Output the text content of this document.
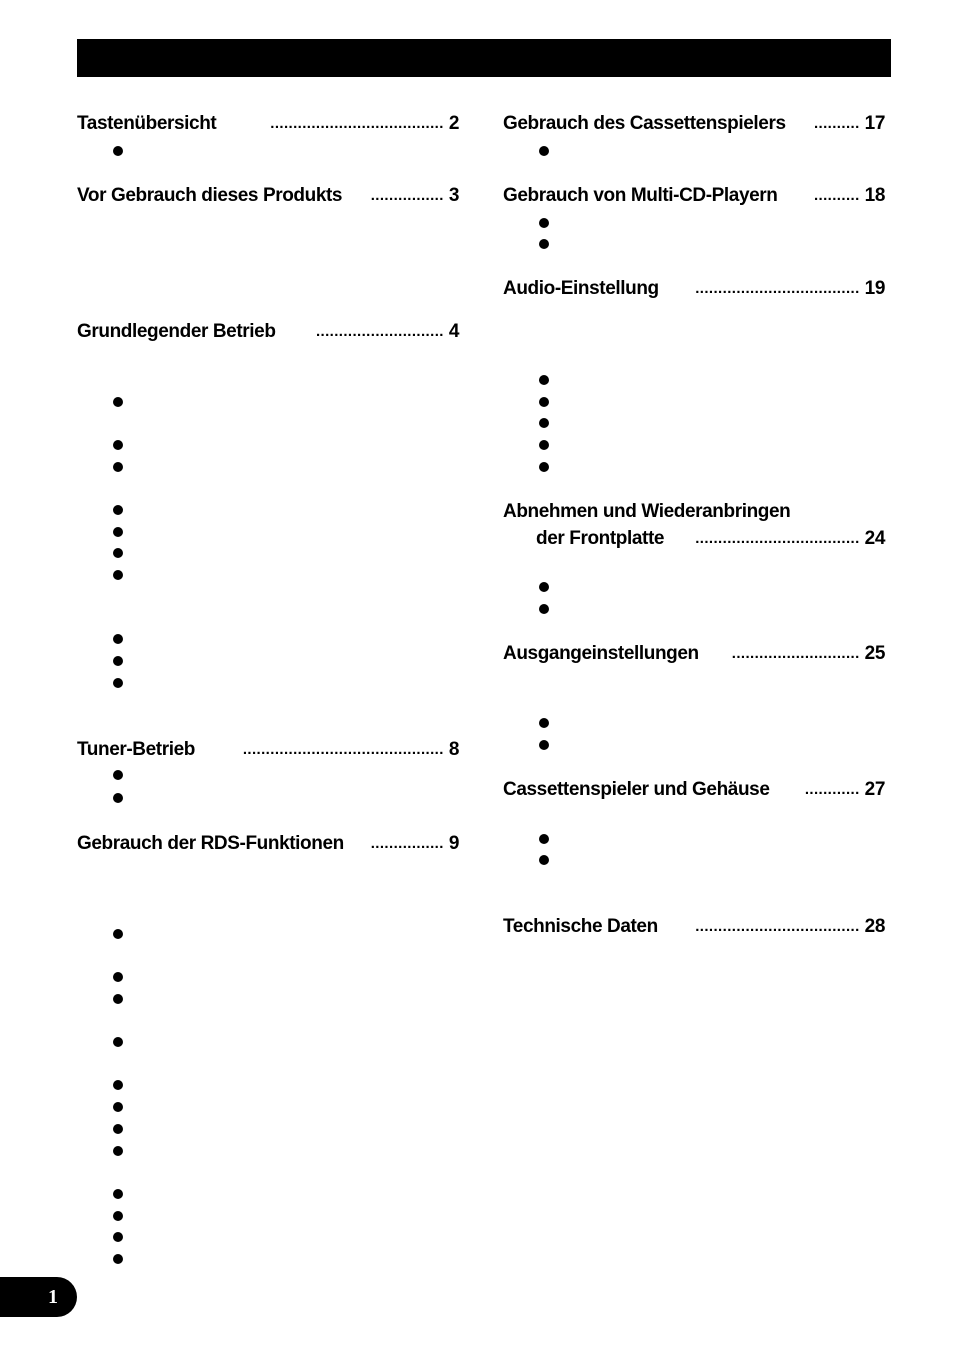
Tastenübersicht	...................................... 2
Vor Gebrauch dieses Produkts	................ 3
Grundlegender Betrieb	............................ 4
Tuner-Betrieb	............................................ 8
Gebrauch der RDS-Funktionen	................ 9
Gebrauch des Cassettenspielers	.......... 17
Gebrauch von Multi-CD-Playern	.......... 18
Audio-Einstellung	.................................... 19
Abnehmen und Wiederanbringen
der Frontplatte	.................................... 24
Ausgangeinstellungen	............................ 25
Cassettenspieler und Gehäuse	............ 27
Technische Daten	.................................... 28
1
